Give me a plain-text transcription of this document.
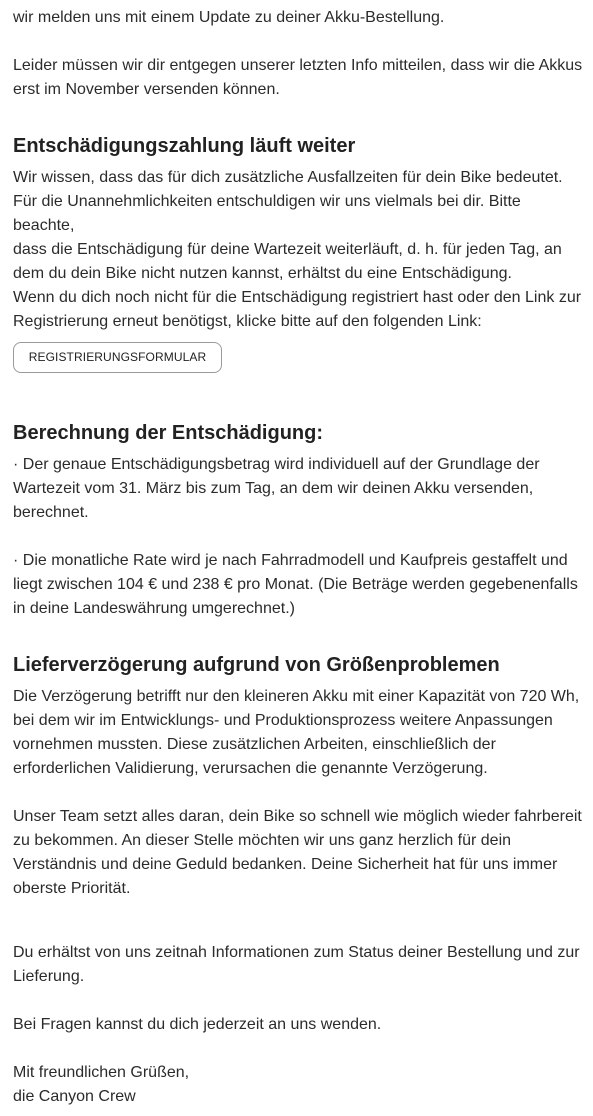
wir melden uns mit einem Update zu deiner Akku-Bestellung.

Leider müssen wir dir entgegen unserer letzten Info mitteilen, dass wir die Akkus
erst im November versenden können.

Entschädigungszahlung läuft weiter

Wir wissen, dass das für dich zusätzliche Ausfallzeiten für dein Bike bedeutet.
Für die Unannehmlichkeiten entschuldigen wir uns vielmals bei dir. Bitte beachte,
dass die Entschädigung für deine Wartezeit weiterläuft, d. h. für jeden Tag, an
dem du dein Bike nicht nutzen kannst, erhältst du eine Entschädigung.
Wenn du dich noch nicht für die Entschädigung registriert hast oder den Link zur
Registrierung erneut benötigst, klicke bitte auf den folgenden Link:

REGISTRIERUNGSFORMULAR
Berechnung der Entschädigung:

· Der genaue Entschädigungsbetrag wird individuell auf der Grundlage der
Wartezeit vom 31. März bis zum Tag, an dem wir deinen Akku versenden,
berechnet.

· Die monatliche Rate wird je nach Fahrradmodell und Kaufpreis gestaffelt und
liegt zwischen 104 € und 238 € pro Monat. (Die Beträge werden gegebenenfalls
in deine Landeswährung umgerechnet.)

Lieferverzögerung aufgrund von Größenproblemen

Die Verzögerung betrifft nur den kleineren Akku mit einer Kapazität von 720 Wh,
bei dem wir im Entwicklungs- und Produktionsprozess weitere Anpassungen
vornehmen mussten. Diese zusätzlichen Arbeiten, einschließlich der
erforderlichen Validierung, verursachen die genannte Verzögerung.

Unser Team setzt alles daran, dein Bike so schnell wie möglich wieder fahrbereit
zu bekommen. An dieser Stelle möchten wir uns ganz herzlich für dein
Verständnis und deine Geduld bedanken. Deine Sicherheit hat für uns immer
oberste Priorität.

Du erhältst von uns zeitnah Informationen zum Status deiner Bestellung und zur
Lieferung.

Bei Fragen kannst du dich jederzeit an uns wenden.

Mit freundlichen Grüßen,
die Canyon Crew
